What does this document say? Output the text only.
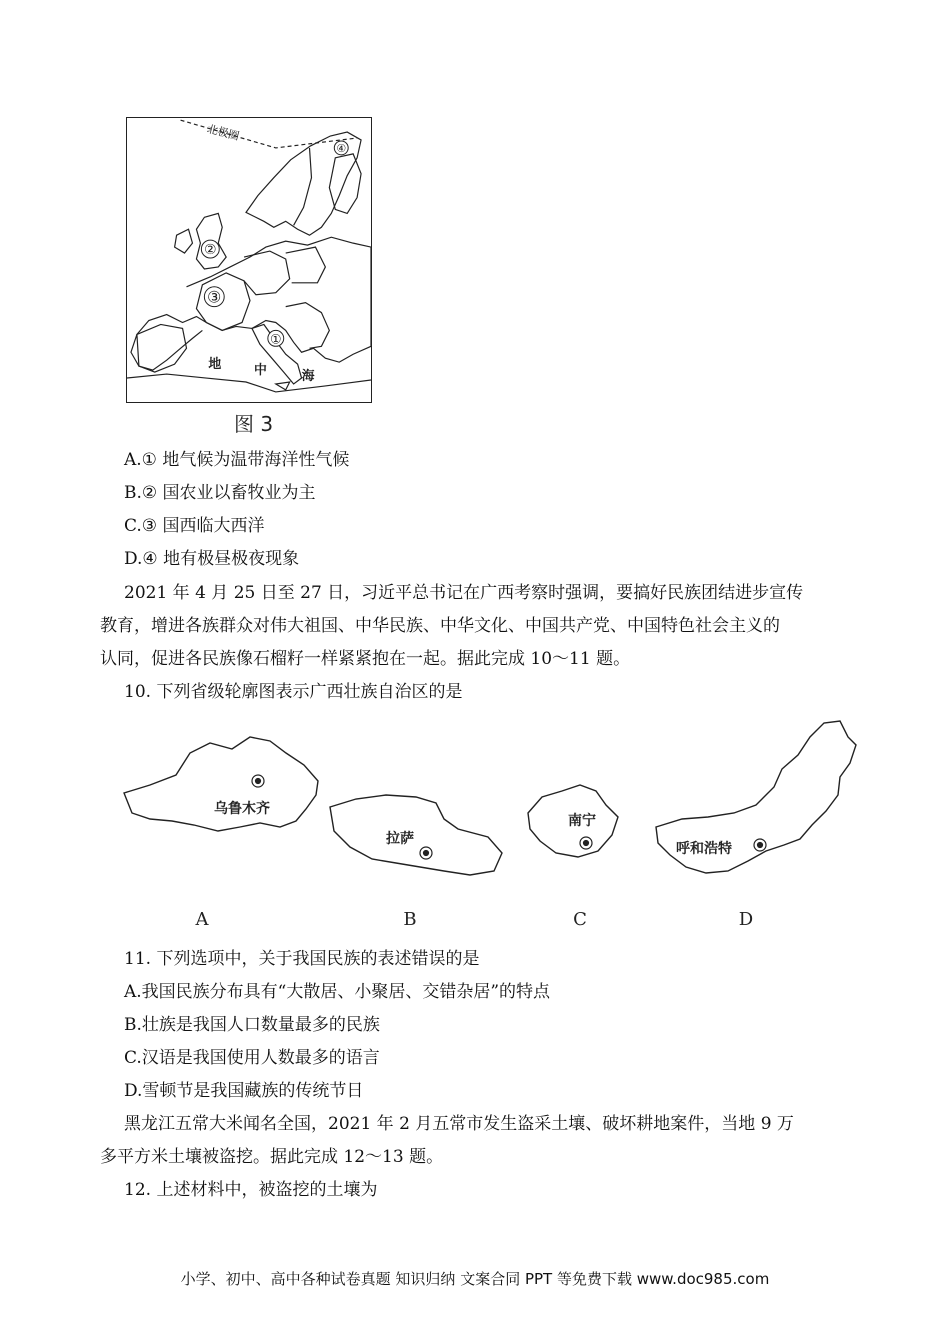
北极圈
④
②
③
①
地	中	海
图 3
A.① 地气候为温带海洋性气候
B.② 国农业以畜牧业为主
C.③ 国西临大西洋
D.④ 地有极昼极夜现象
2021 年 4 月 25 日至 27 日，习近平总书记在广西考察时强调，要搞好民族团结进步宣传
教育，增进各族群众对伟大祖国、中华民族、中华文化、中国共产党、中国特色社会主义的
认同，促进各民族像石榴籽一样紧紧抱在一起。据此完成 10～11 题。
10. 下列省级轮廓图表示广西壮族自治区的是
乌鲁木齐
拉萨
南宁
呼和浩特
A	B	C	D
11. 下列选项中，关于我国民族的表述错误的是
A.我国民族分布具有“大散居、小聚居、交错杂居”的特点
B.壮族是我国人口数量最多的民族
C.汉语是我国使用人数最多的语言
D.雪顿节是我国藏族的传统节日
黑龙江五常大米闻名全国，2021 年 2 月五常市发生盗采土壤、破坏耕地案件，当地 9 万
多平方米土壤被盗挖。据此完成 12～13 题。
12. 上述材料中，被盗挖的土壤为
小学、初中、高中各种试卷真题 知识归纳 文案合同 PPT 等免费下载 www.doc985.com
